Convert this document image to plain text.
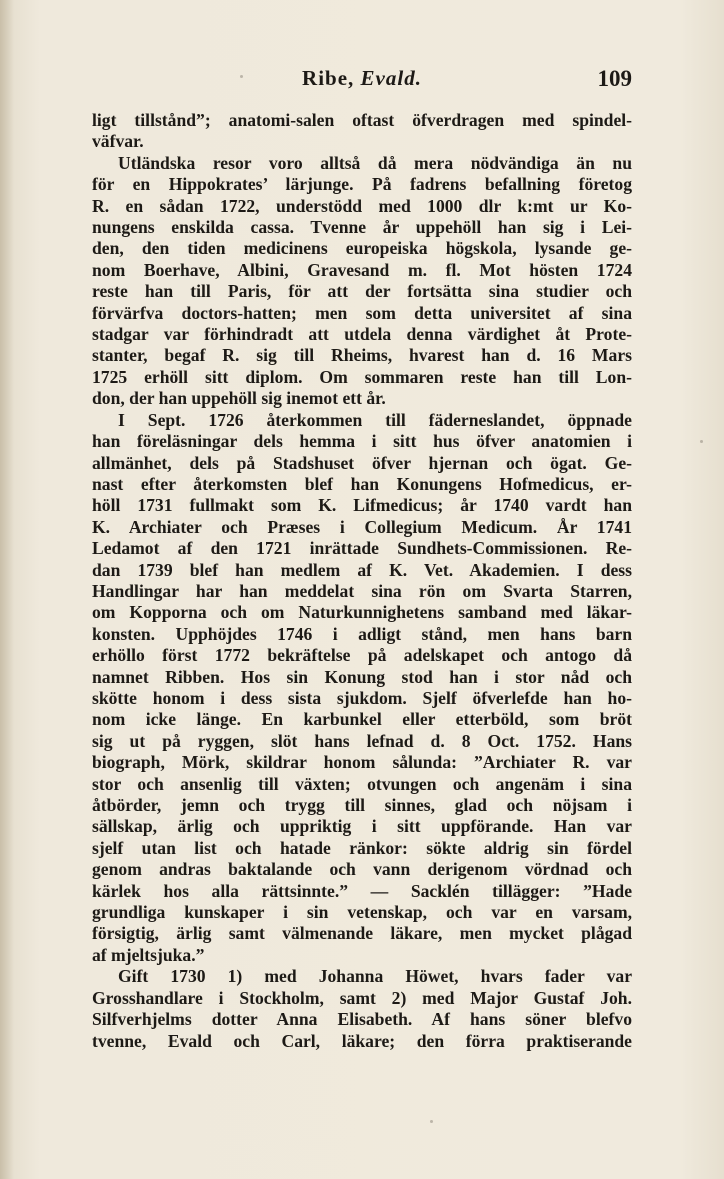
Ribe, Evald.	109
ligt tillstånd”; anatomi-salen oftast öfverdragen med spindel-
väfvar.
Utländska resor voro alltså då mera nödvändiga än nu
för en Hippokrates’ lärjunge. På fadrens befallning företog
R. en sådan 1722, understödd med 1000 dlr k:mt ur Ko-
nungens enskilda cassa. Tvenne år uppehöll han sig i Lei-
den, den tiden medicinens europeiska högskola, lysande ge-
nom Boerhave, Albini, Gravesand m. fl. Mot hösten 1724
reste han till Paris, för att der fortsätta sina studier och
förvärfva doctors-hatten; men som detta universitet af sina
stadgar var förhindradt att utdela denna värdighet åt Prote-
stanter, begaf R. sig till Rheims, hvarest han d. 16 Mars
1725 erhöll sitt diplom. Om sommaren reste han till Lon-
don, der han uppehöll sig inemot ett år.
I Sept. 1726 återkommen till fäderneslandet, öppnade
han föreläsningar dels hemma i sitt hus öfver anatomien i
allmänhet, dels på Stadshuset öfver hjernan och ögat. Ge-
nast efter återkomsten blef han Konungens Hofmedicus, er-
höll 1731 fullmakt som K. Lifmedicus; år 1740 vardt han
K. Archiater och Præses i Collegium Medicum. År 1741
Ledamot af den 1721 inrättade Sundhets-Commissionen. Re-
dan 1739 blef han medlem af K. Vet. Akademien. I dess
Handlingar har han meddelat sina rön om Svarta Starren,
om Kopporna och om Naturkunnighetens samband med läkar-
konsten. Upphöjdes 1746 i adligt stånd, men hans barn
erhöllo först 1772 bekräftelse på adelskapet och antogo då
namnet Ribben. Hos sin Konung stod han i stor nåd och
skötte honom i dess sista sjukdom. Sjelf öfverlefde han ho-
nom icke länge. En karbunkel eller etterböld, som bröt
sig ut på ryggen, slöt hans lefnad d. 8 Oct. 1752. Hans
biograph, Mörk, skildrar honom sålunda: ”Archiater R. var
stor och ansenlig till växten; otvungen och angenäm i sina
åtbörder, jemn och trygg till sinnes, glad och nöjsam i
sällskap, ärlig och uppriktig i sitt uppförande. Han var
sjelf utan list och hatade ränkor: sökte aldrig sin fördel
genom andras baktalande och vann derigenom vördnad och
kärlek hos alla rättsinnte.” — Sacklén tillägger: ”Hade
grundliga kunskaper i sin vetenskap, och var en varsam,
försigtig, ärlig samt välmenande läkare, men mycket plågad
af mjeltsjuka.”
Gift 1730 1) med Johanna Höwet, hvars fader var
Grosshandlare i Stockholm, samt 2) med Major Gustaf Joh.
Silfverhjelms dotter Anna Elisabeth. Af hans söner blefvo
tvenne, Evald och Carl, läkare; den förra praktiserande
